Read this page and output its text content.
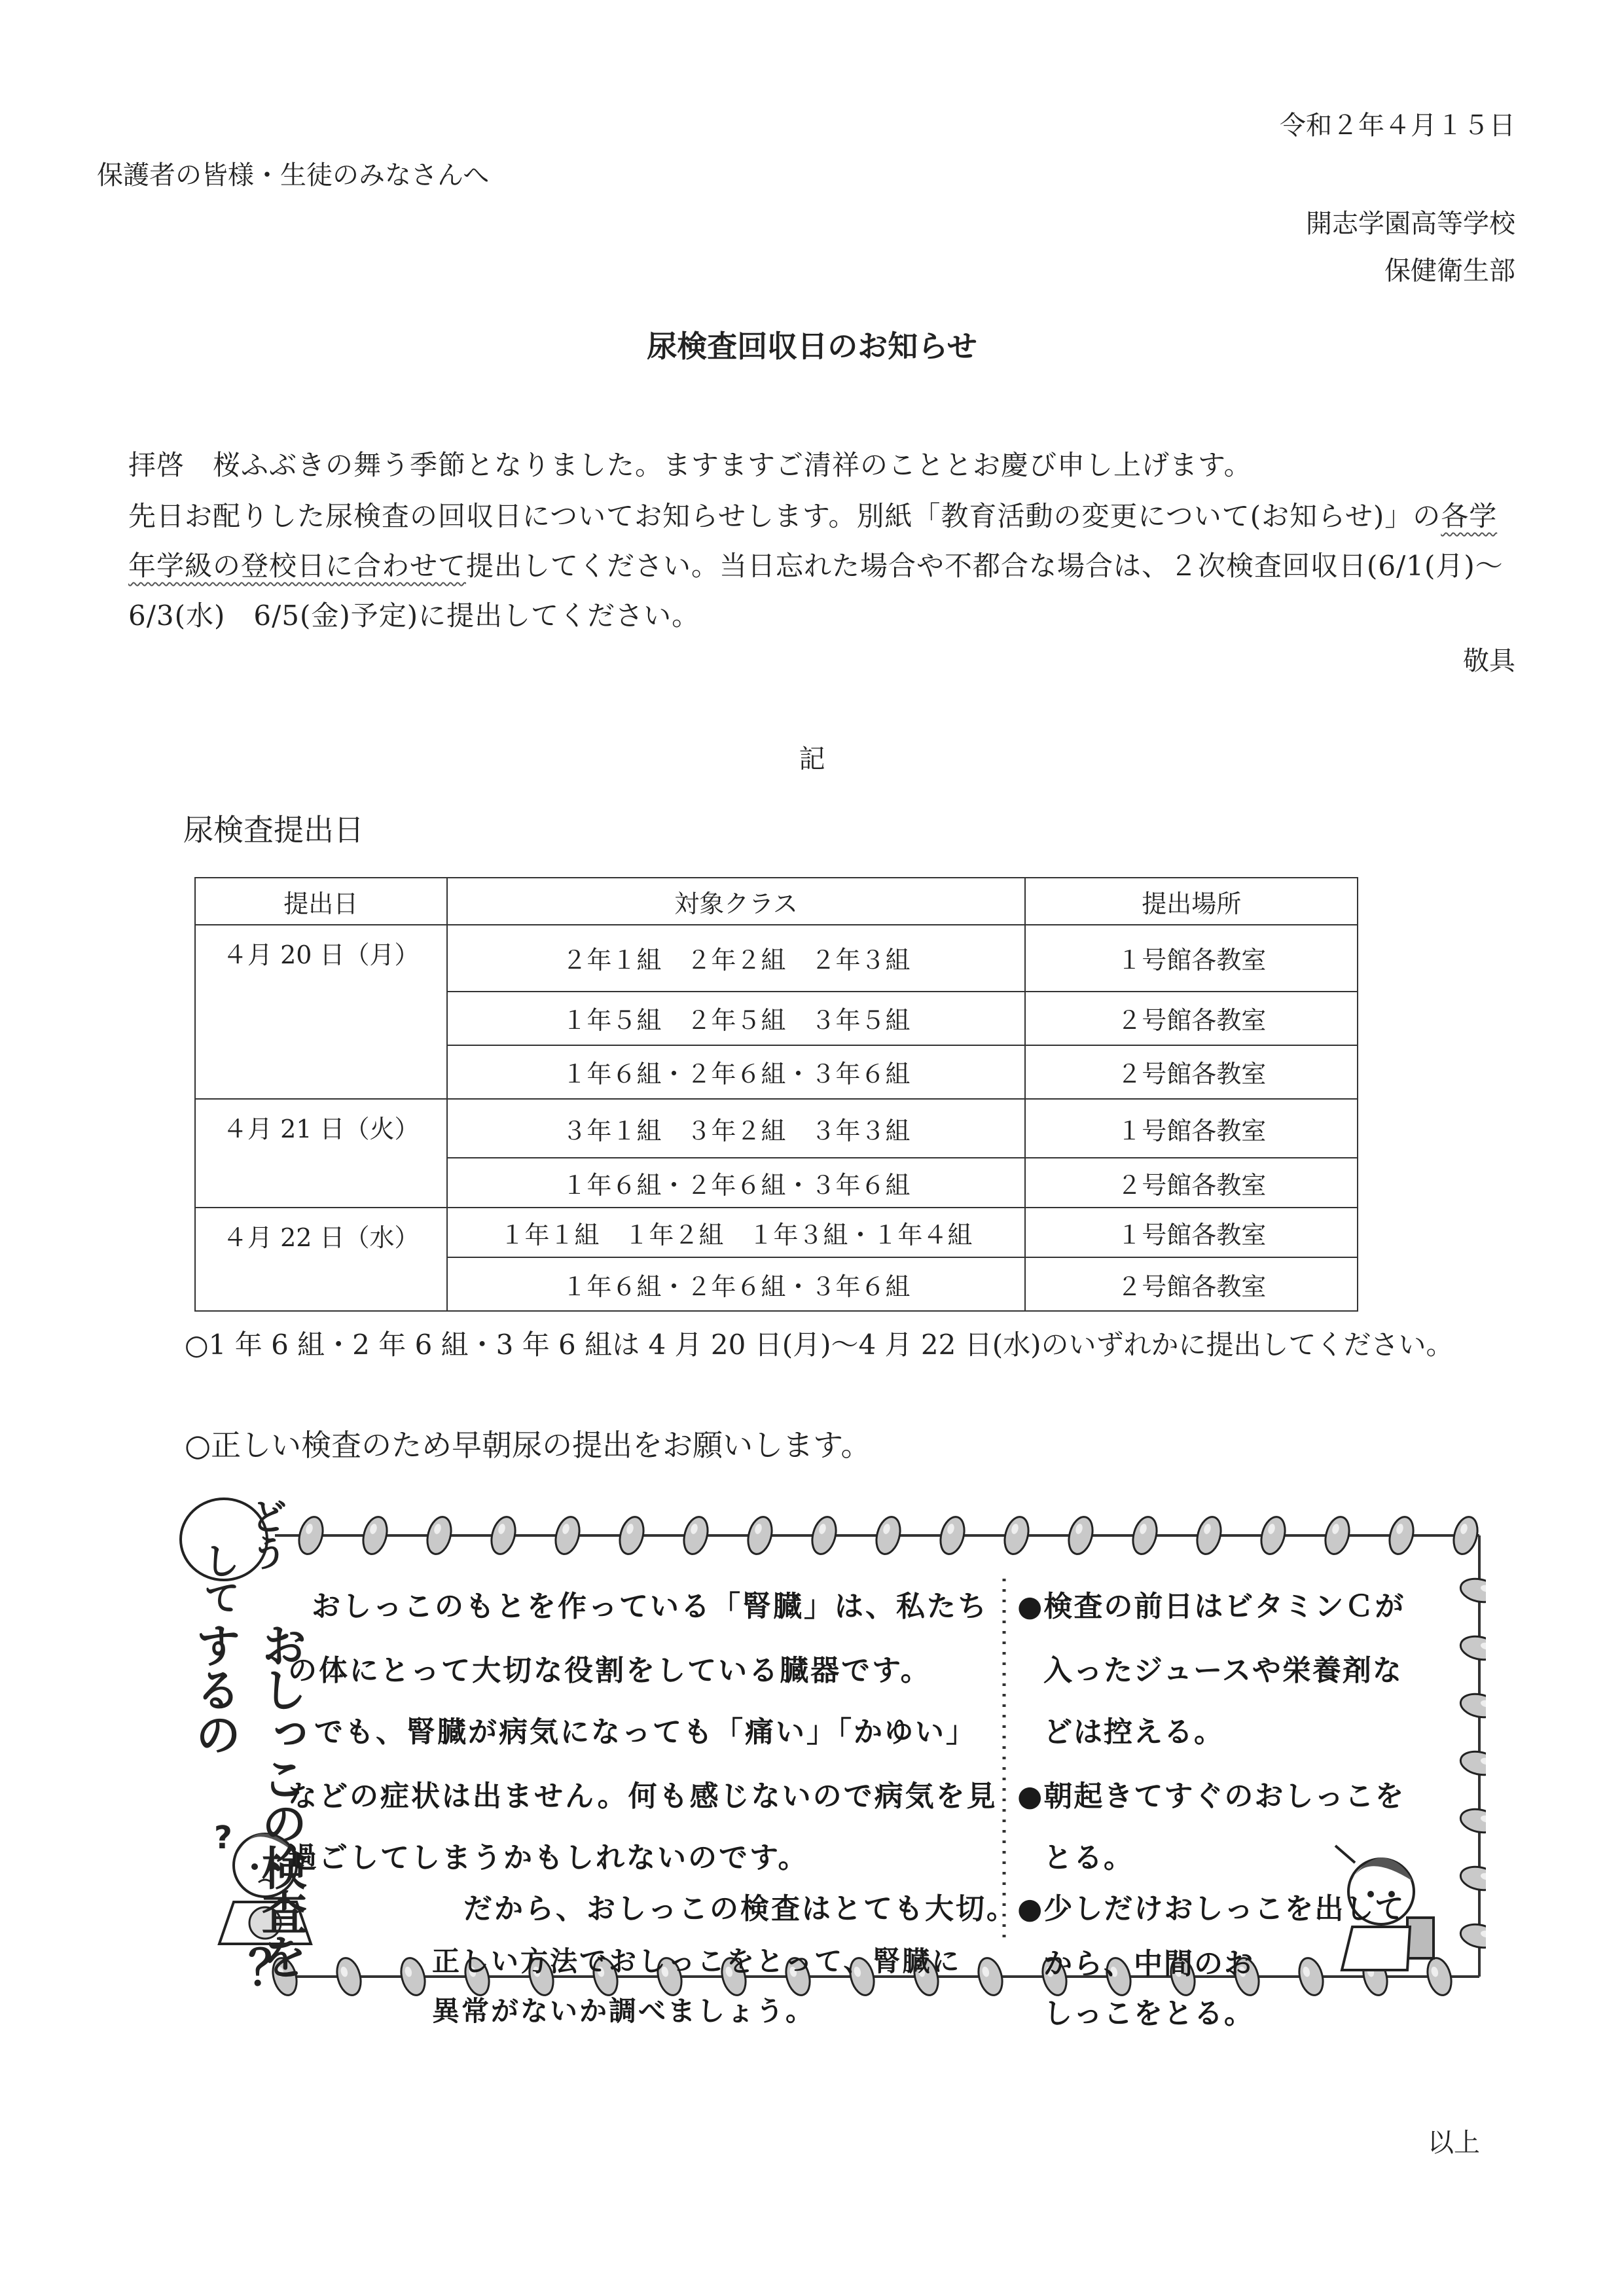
令和２年４月１５日
保護者の皆様・生徒のみなさんへ
開志学園高等学校
保健衛生部
尿検査回収日のお知らせ
拝啓　桜ふぶきの舞う季節となりました。ますますご清祥のこととお慶び申し上げます。
先日お配りした尿検査の回収日についてお知らせします。別紙「教育活動の変更について(お知らせ)」の各学
年学級の登校日に合わせて提出してください。当日忘れた場合や不都合な場合は、２次検査回収日(6/1(月)～
6/3(水)　6/5(金)予定)に提出してください。
敬具
記
尿検査提出日
提出日	対象クラス	提出場所
４月 20 日（月）	２年１組　２年２組　２年３組	１号館各教室
	１年５組　２年５組　３年５組	２号館各教室
	１年６組・２年６組・３年６組	２号館各教室
４月 21 日（火）	３年１組　３年２組　３年３組	１号館各教室
	１年６組・２年６組・３年６組	２号館各教室
４月 22 日（水）	１年１組　１年２組　１年３組・１年４組	１号館各教室
	１年６組・２年６組・３年６組	２号館各教室
○1 年 6 組・2 年 6 組・3 年 6 組は 4 月 20 日(月)～4 月 22 日(水)のいずれかに提出してください。
○正しい検査のため早朝尿の提出をお願いします。
?
どう
して
おしっこの検査をするの
？
おしっこのもとを作っている「腎臓」は、私たち
の体にとって大切な役割をしている臓器です。
でも、腎臓が病気になっても「痛い」「かゆい」
などの症状は出ません。何も感じないので病気を見
過ごしてしまうかもしれないのです。
だから、おしっこの検査はとても大切。
正しい方法でおしっこをとって、腎臓に
異常がないか調べましょう。
●検査の前日はビタミンＣが
入ったジュースや栄養剤な
どは控える。
●朝起きてすぐのおしっこを
とる。
●少しだけおしっこを出して
から、中間のお
しっこをとる。
以上
